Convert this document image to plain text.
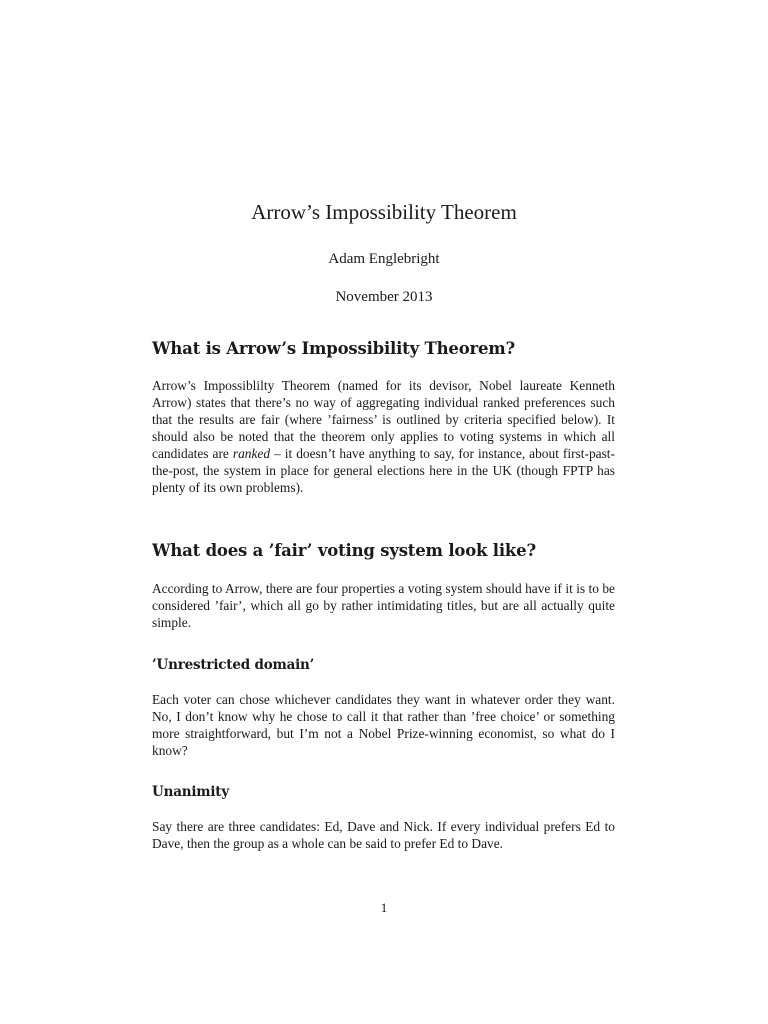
Arrow’s Impossibility Theorem

Adam Englebright

November 2013

What is Arrow’s Impossibility Theorem?

Arrow’s Impossiblilty Theorem (named for its devisor, Nobel laureate Kenneth Arrow) states that there’s no way of aggregating individual ranked preferences such that the results are fair (where ’fairness’ is outlined by criteria specified below). It should also be noted that the theorem only applies to voting systems in which all candidates are ranked – it doesn’t have anything to say, for instance, about first-past-the-post, the system in place for general elections here in the UK (though FPTP has plenty of its own problems).

What does a ’fair’ voting system look like?

According to Arrow, there are four properties a voting system should have if it is to be considered ’fair’, which all go by rather intimidating titles, but are all actually quite simple.

’Unrestricted domain’

Each voter can chose whichever candidates they want in whatever order they want. No, I don’t know why he chose to call it that rather than ’free choice’ or something more straightforward, but I’m not a Nobel Prize-winning economist, so what do I know?

Unanimity

Say there are three candidates: Ed, Dave and Nick. If every individual prefers Ed to Dave, then the group as a whole can be said to prefer Ed to Dave.

1
